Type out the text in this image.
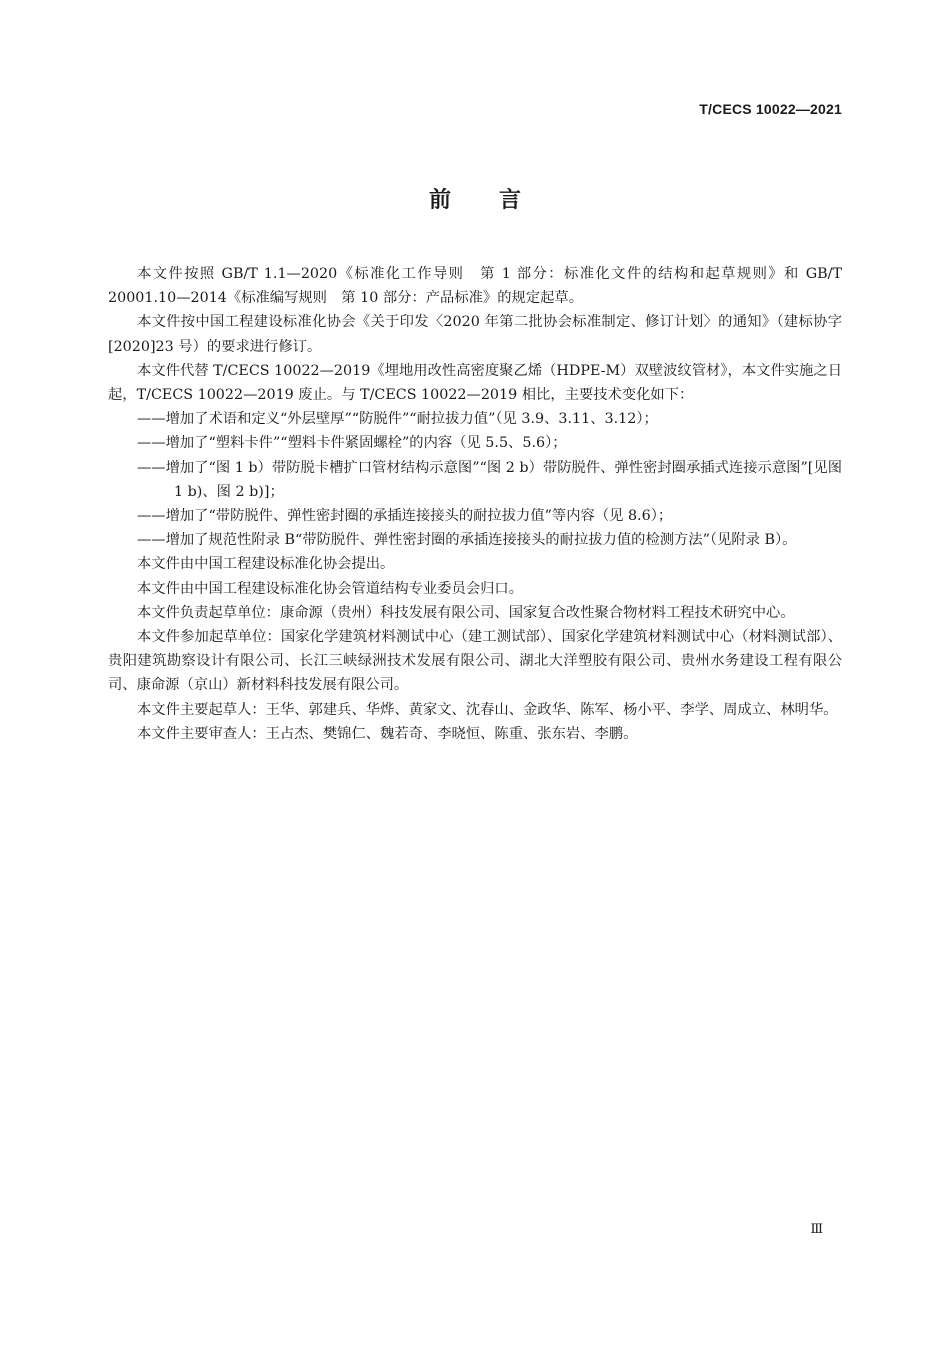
T/CECS 10022—2021
前言

本文件按照 GB/T 1.1—2020《标准化工作导则　第 1 部分：标准化文件的结构和起草规则》和 GB/T 20001.10—2014《标准编写规则　第 10 部分：产品标准》的规定起草。

本文件按中国工程建设标准化协会《关于印发〈2020 年第二批协会标准制定、修订计划〉的通知》（建标协字[2020]23 号）的要求进行修订。

本文件代替 T/CECS 10022—2019《埋地用改性高密度聚乙烯（HDPE-M）双壁波纹管材》，本文件实施之日起，T/CECS 10022—2019 废止。与 T/CECS 10022—2019 相比，主要技术变化如下：

——增加了术语和定义“外层壁厚”“防脱件”“耐拉拔力值”（见 3.9、3.11、3.12）；

——增加了“塑料卡件”“塑料卡件紧固螺栓”的内容（见 5.5、5.6）；

——增加了“图 1 b）带防脱卡槽扩口管材结构示意图”“图 2 b）带防脱件、弹性密封圈承插式连接示意图”[见图 1 b)、图 2 b)]；

——增加了“带防脱件、弹性密封圈的承插连接接头的耐拉拔力值”等内容（见 8.6）；

——增加了规范性附录 B“带防脱件、弹性密封圈的承插连接接头的耐拉拔力值的检测方法”（见附录 B）。

本文件由中国工程建设标准化协会提出。

本文件由中国工程建设标准化协会管道结构专业委员会归口。

本文件负责起草单位：康命源（贵州）科技发展有限公司、国家复合改性聚合物材料工程技术研究中心。

本文件参加起草单位：国家化学建筑材料测试中心（建工测试部）、国家化学建筑材料测试中心（材料测试部）、贵阳建筑勘察设计有限公司、长江三峡绿洲技术发展有限公司、湖北大洋塑胶有限公司、贵州水务建设工程有限公司、康命源（京山）新材料科技发展有限公司。

本文件主要起草人：王华、郭建兵、华烨、黄家文、沈春山、金政华、陈军、杨小平、李学、周成立、林明华。

本文件主要审查人：王占杰、樊锦仁、魏若奇、李晓恒、陈重、张东岩、李鹏。

Ⅲ
